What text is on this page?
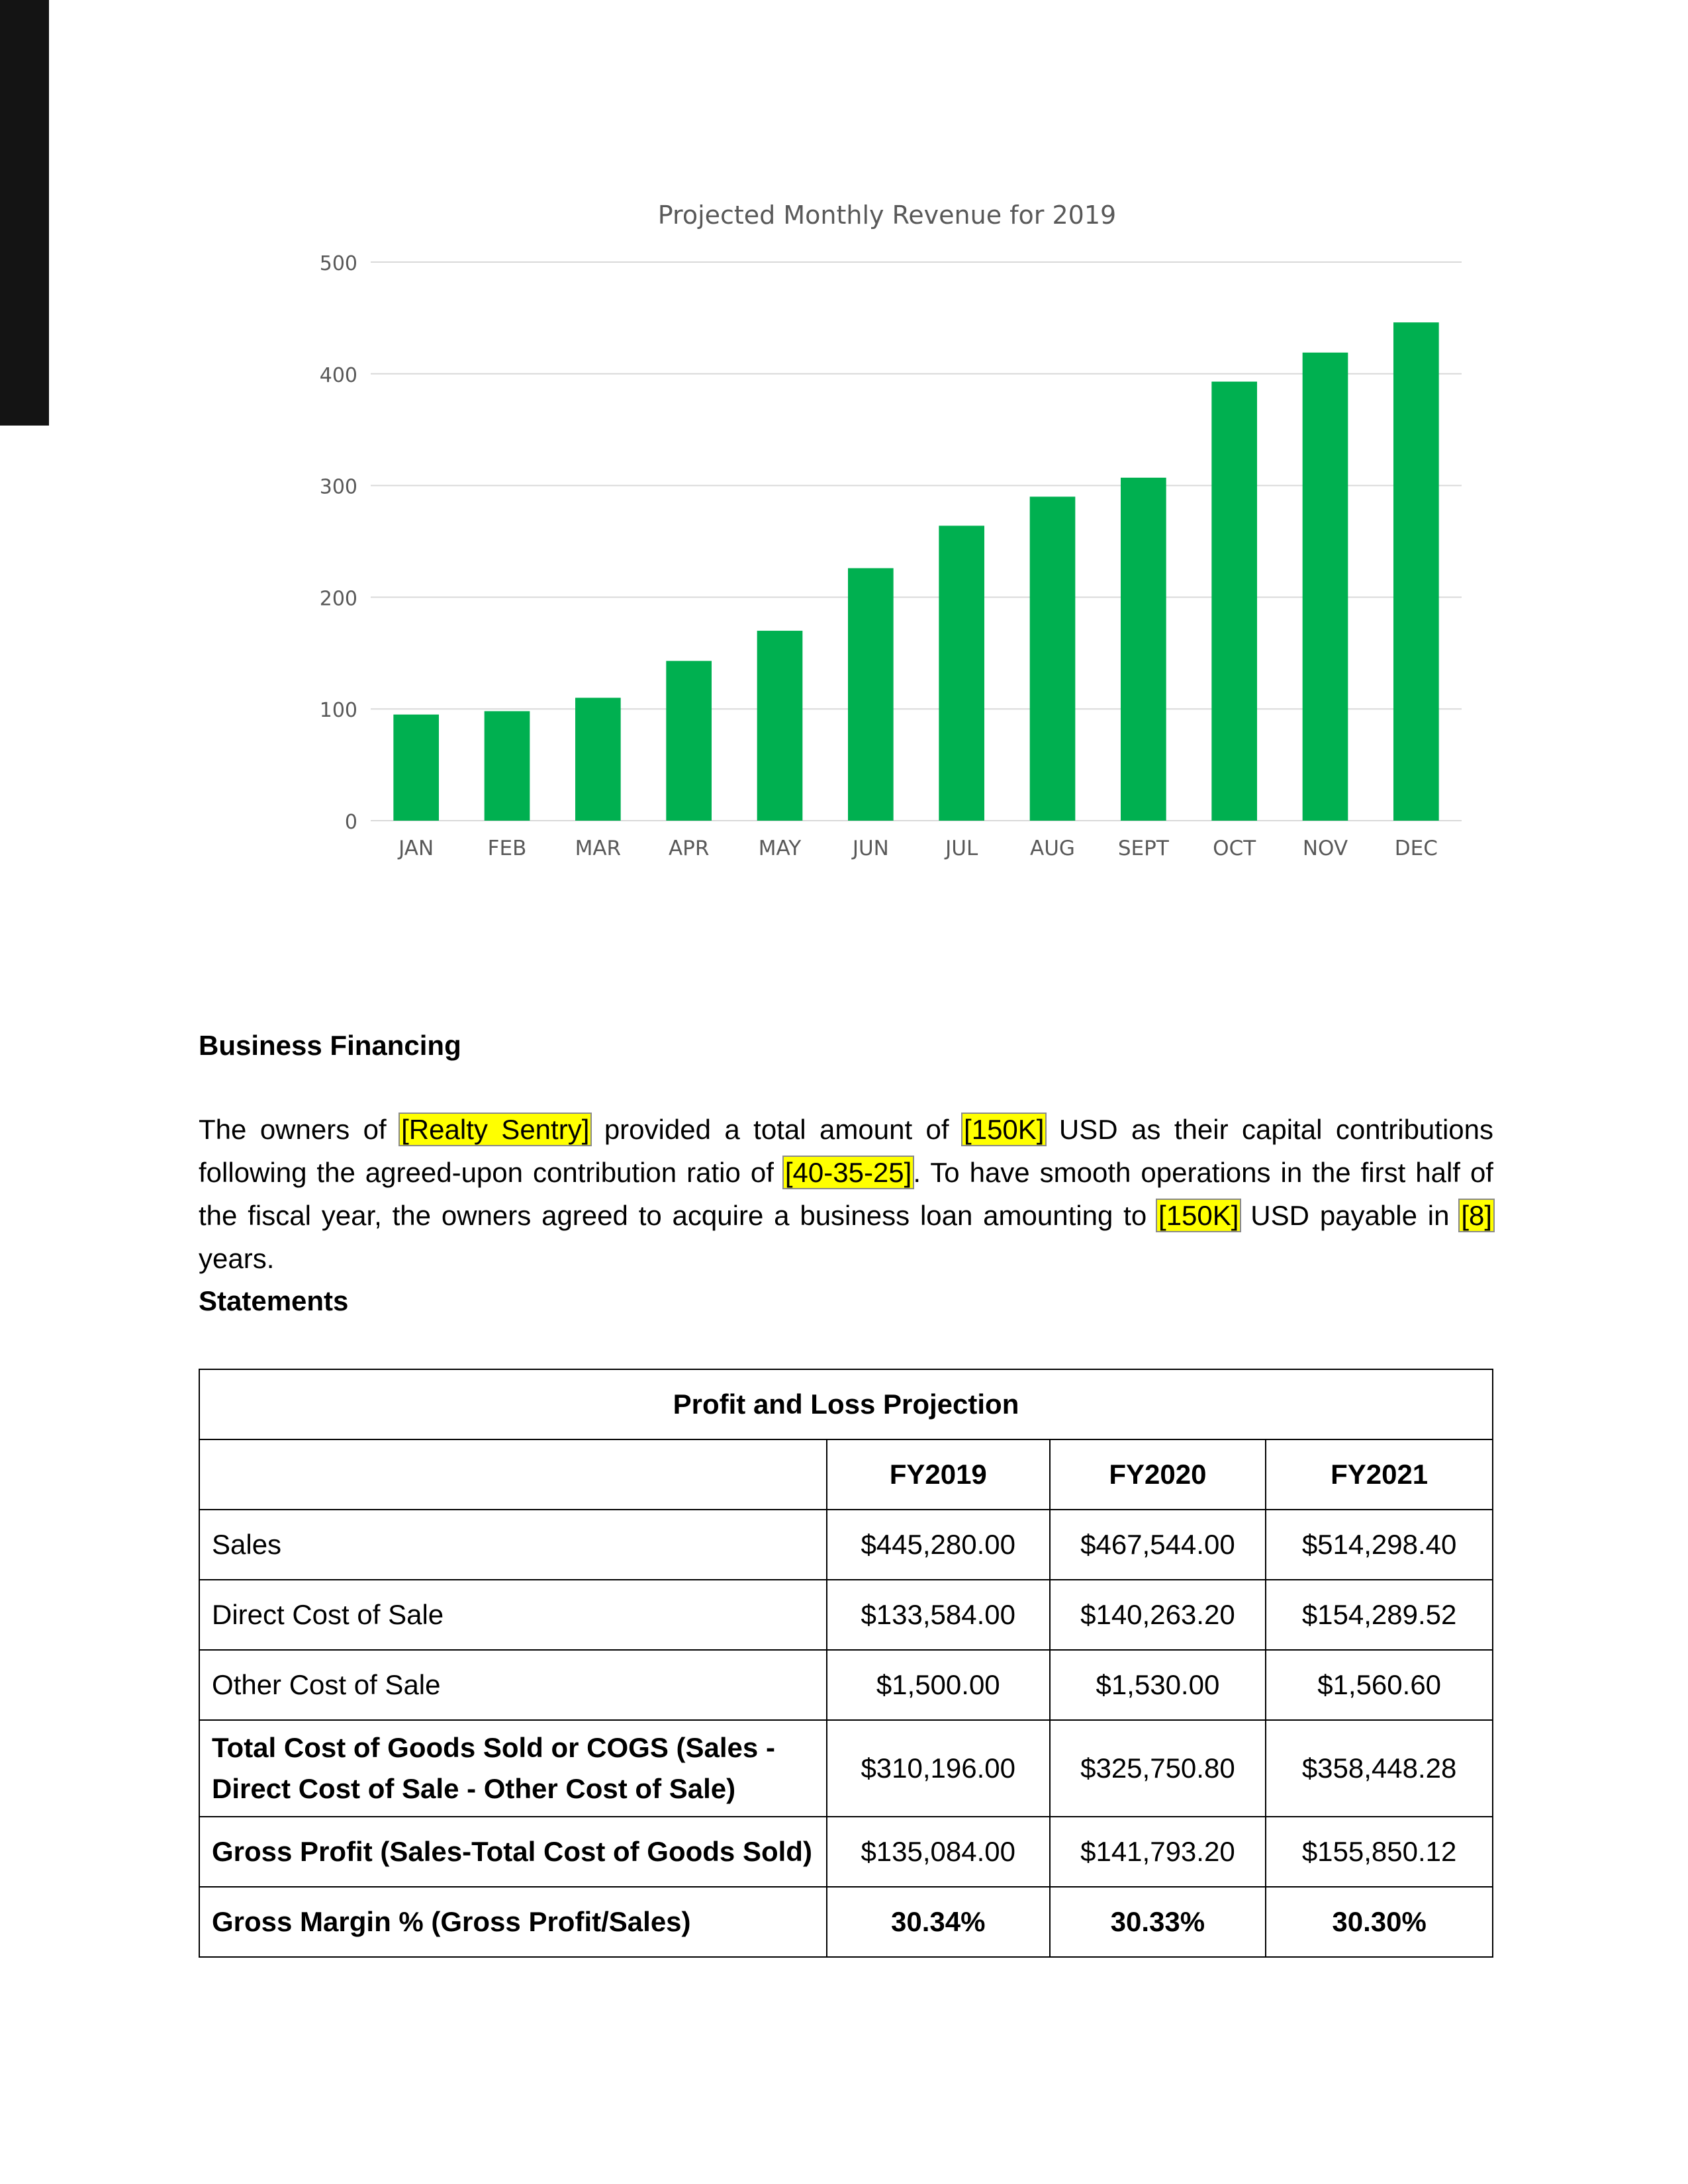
Projected Monthly Revenue for 2019
0
100
200
300
400
500
JAN	FEB MAR APR MAY	JUN	JUL	AUG SEPT OCT NOV DEC
Business Financing

The owners of [Realty Sentry] provided a total amount of [150K] USD as their capital contributions following the agreed-upon contribution ratio of [40-35-25]. To have smooth operations in the first half of the fiscal year, the owners agreed to acquire a business loan amounting to [150K] USD payable in [8] years.

Statements
Profit and Loss Projection			
	FY2019	FY2020	FY2021
Sales	$445,280.00	$467,544.00	$514,298.40
Direct Cost of Sale	$133,584.00	$140,263.20	$154,289.52
Other Cost of Sale	$1,500.00	$1,530.00	$1,560.60
Total Cost of Goods Sold or COGS (Sales - Direct Cost of Sale - Other Cost of Sale)	$310,196.00	$325,750.80	$358,448.28
Gross Profit (Sales-Total Cost of Goods Sold)	$135,084.00	$141,793.20	$155,850.12
Gross Margin % (Gross Profit/Sales)	30.34%	30.33%	30.30%
